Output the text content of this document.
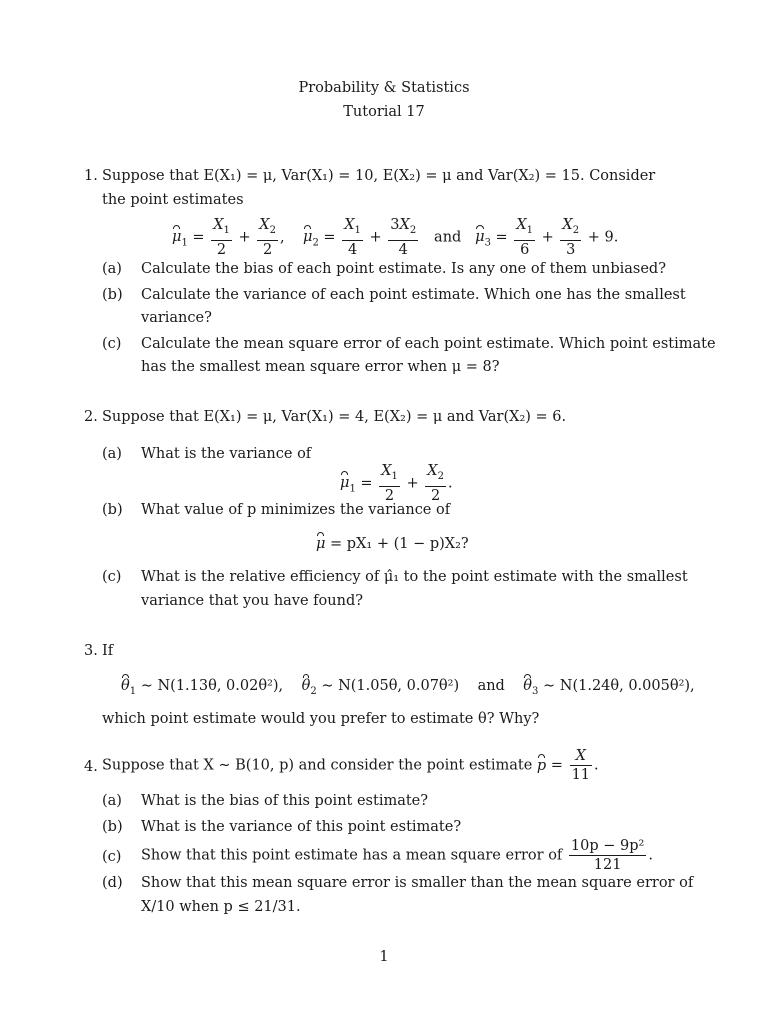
Probability & Statistics
Tutorial 17
1. Suppose that E(X₁) = μ, Var(X₁) = 10, E(X₂) = μ and Var(X₂) = 15. Consider
the point estimates
$\mu_1 = \frac{X_1}{2} + \frac{X_2}{2}$ ,    $\mu_2 = \frac{X_1}{4} + \frac{3X_2}{4}$ and $\mu_3 = \frac{X_1}{6} + \frac{X_2}{3} + 9$.
(a) Calculate the bias of each point estimate. Is any one of them unbiased?
(b) Calculate the variance of each point estimate. Which one has the smallest
variance?
(c) Calculate the mean square error of each point estimate. Which point estimate
has the smallest mean square error when μ = 8?
2. Suppose that E(X₁) = μ, Var(X₁) = 4, E(X₂) = μ and Var(X₂) = 6.
(a) What is the variance of
$\mu_1 = \frac{X_1}{2} + \frac{X_2}{2}$ .
(b) What value of p minimizes the variance of
μ = pX₁ + (1 − p)X₂?
(c) What is the relative efficiency of μ̂₁ to the point estimate with the smallest
variance that you have found?
3. If
$\theta_1$ ∼ N(1.13θ, 0.02θ²), $\theta_2$ ∼ N(1.05θ, 0.07θ²) and $\theta_3$ ∼ N(1.24θ, 0.005θ²),
which point estimate would you prefer to estimate θ? Why?
4. Suppose that X ∼ B(10, p) and consider the point estimate $p = \frac{X}{11}$ .
(a) What is the bias of this point estimate?
(b) What is the variance of this point estimate?
(c) Show that this point estimate has a mean square error of $\frac{\text{10p − 9p²}}{121}$ .
(d) Show that this mean square error is smaller than the mean square error of
X/10 when p ≤ 21/31.
1
